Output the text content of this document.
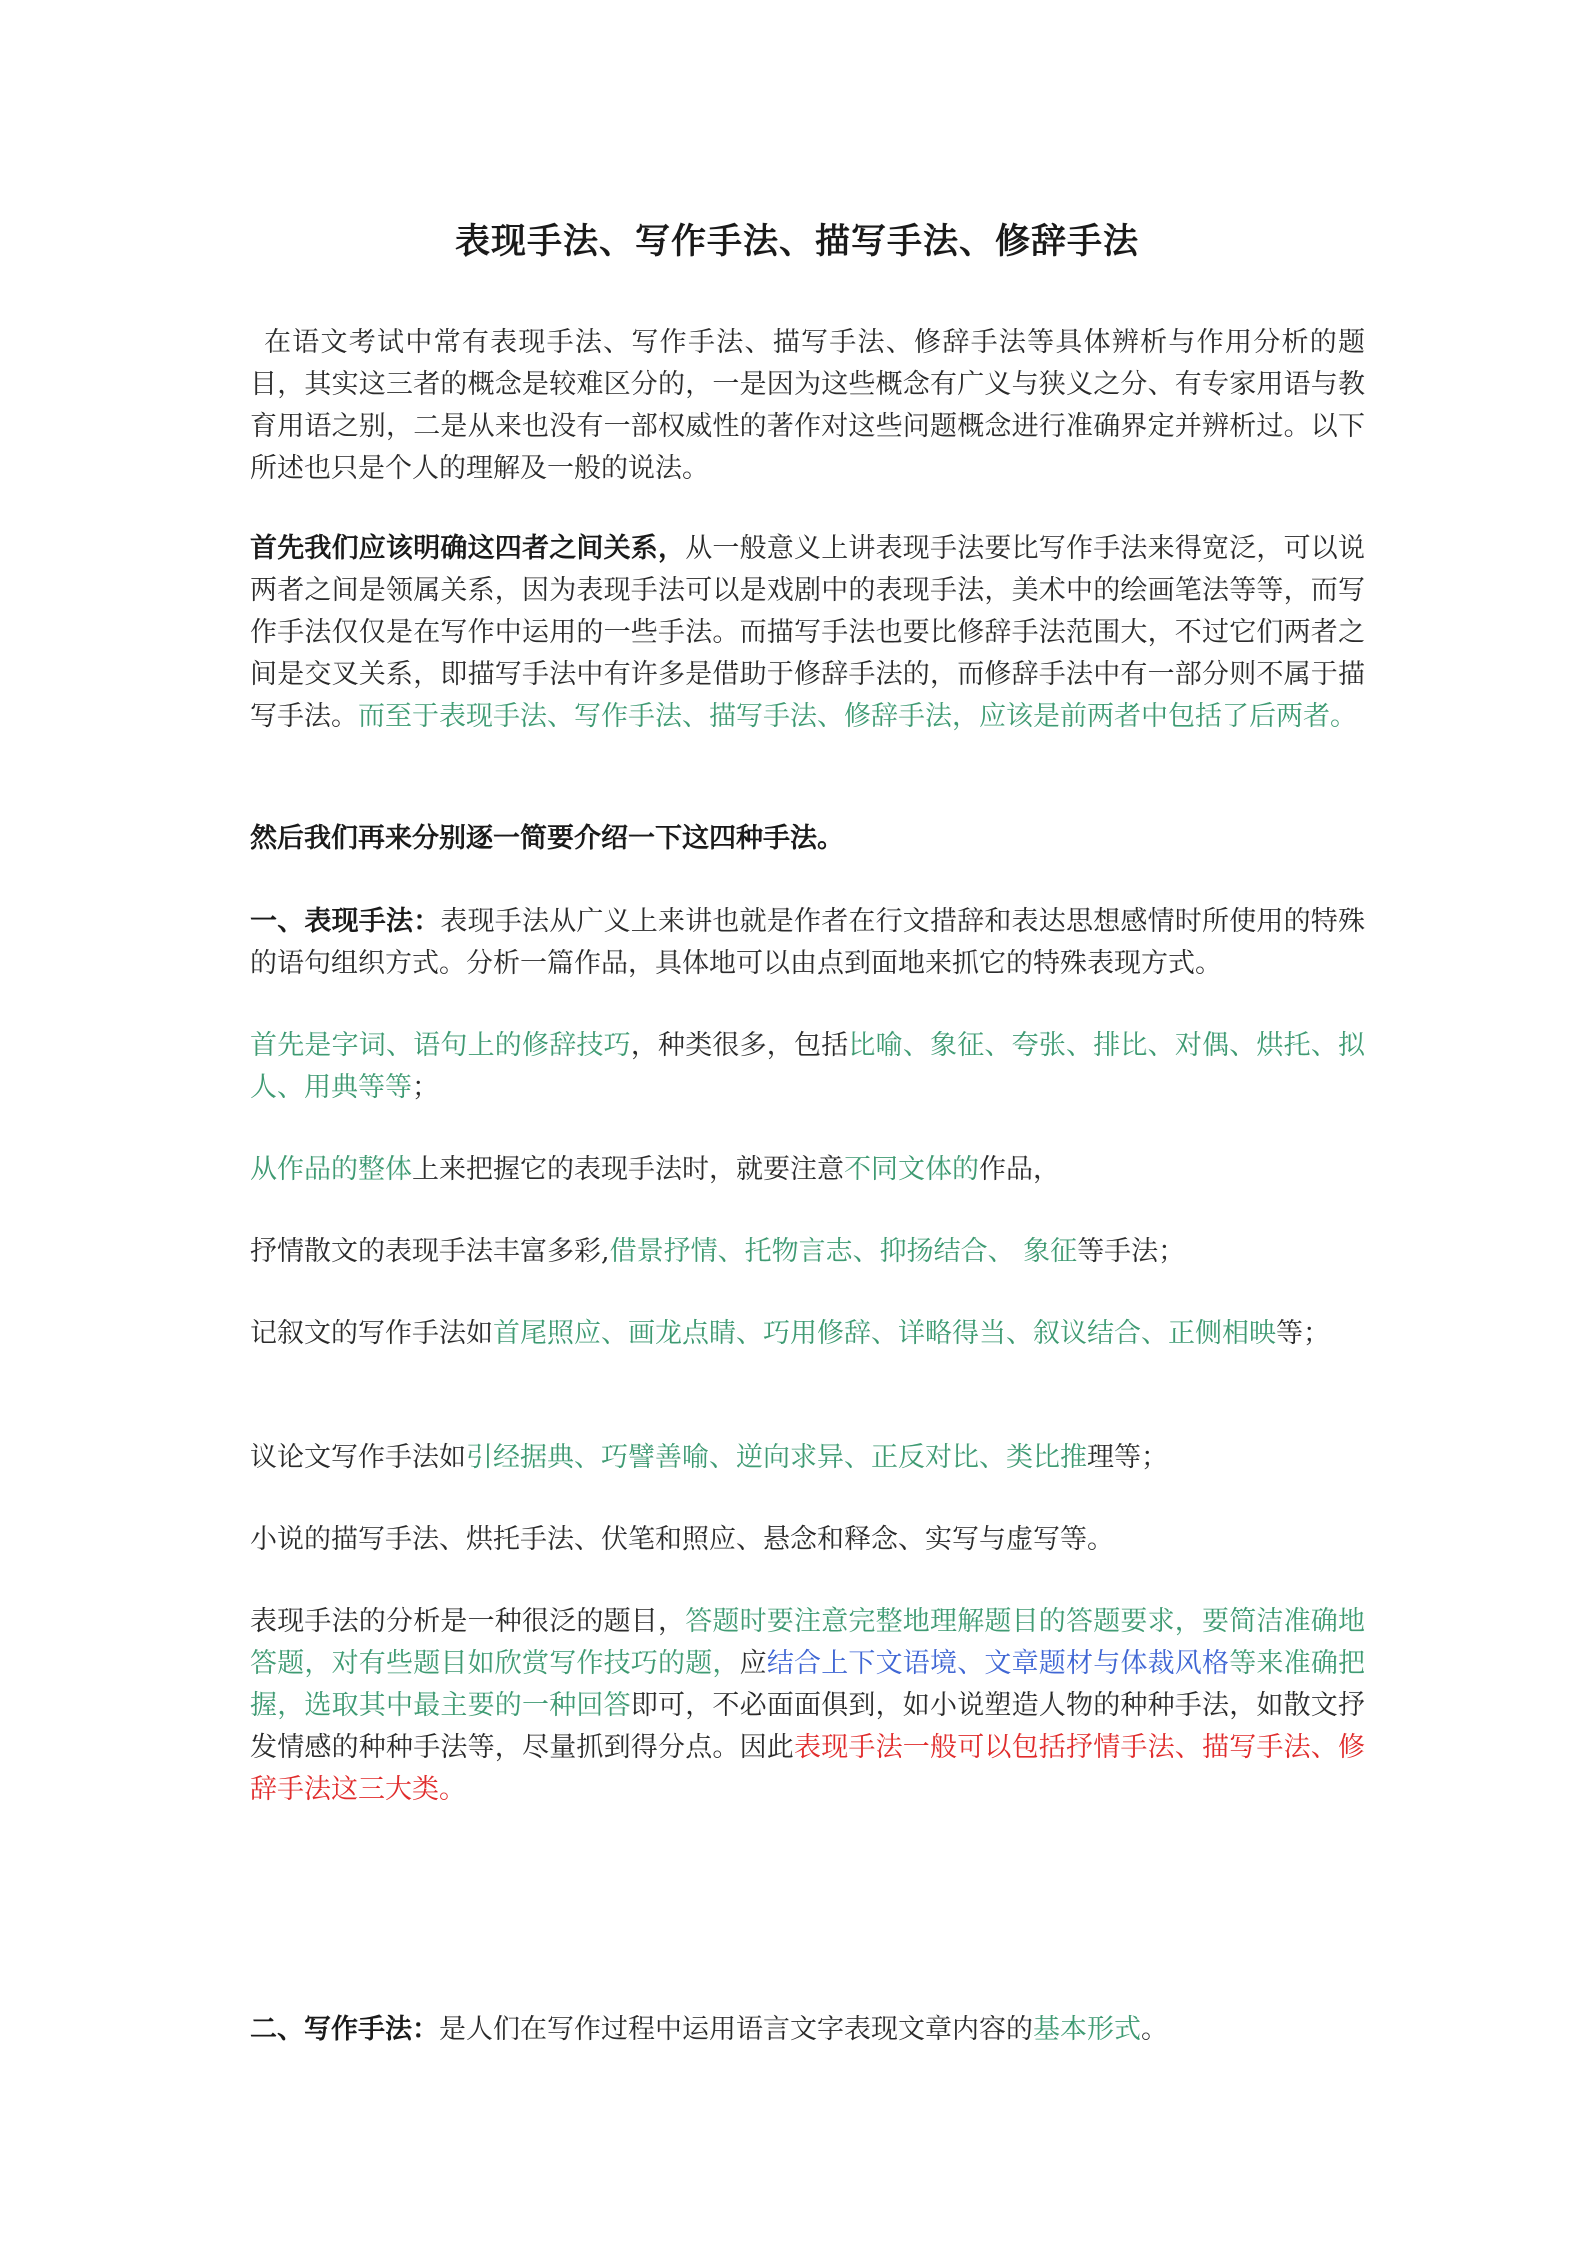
表现手法、写作手法、描写手法、修辞手法

在语文考试中常有表现手法、写作手法、描写手法、修辞手法等具体辨析与作用分析的题目，其实这三者的概念是较难区分的，一是因为这些概念有广义与狭义之分、有专家用语与教育用语之别，二是从来也没有一部权威性的著作对这些问题概念进行准确界定并辨析过。以下所述也只是个人的理解及一般的说法。

首先我们应该明确这四者之间关系，从一般意义上讲表现手法要比写作手法来得宽泛，可以说两者之间是领属关系，因为表现手法可以是戏剧中的表现手法，美术中的绘画笔法等等，而写作手法仅仅是在写作中运用的一些手法。而描写手法也要比修辞手法范围大，不过它们两者之间是交叉关系，即描写手法中有许多是借助于修辞手法的，而修辞手法中有一部分则不属于描写手法。而至于表现手法、写作手法、描写手法、修辞手法，应该是前两者中包括了后两者。

然后我们再来分别逐一简要介绍一下这四种手法。

一、表现手法：表现手法从广义上来讲也就是作者在行文措辞和表达思想感情时所使用的特殊的语句组织方式。分析一篇作品，具体地可以由点到面地来抓它的特殊表现方式。

首先是字词、语句上的修辞技巧，种类很多，包括比喻、象征、夸张、排比、对偶、烘托、拟人、用典等等；

从作品的整体上来把握它的表现手法时，就要注意不同文体的作品，

抒情散文的表现手法丰富多彩,借景抒情、托物言志、抑扬结合、 象征等手法；

记叙文的写作手法如首尾照应、画龙点睛、巧用修辞、详略得当、叙议结合、正侧相映等；

议论文写作手法如引经据典、巧譬善喻、逆向求异、正反对比、类比推理等；

小说的描写手法、烘托手法、伏笔和照应、悬念和释念、实写与虚写等。

表现手法的分析是一种很泛的题目，答题时要注意完整地理解题目的答题要求，要简洁准确地答题，对有些题目如欣赏写作技巧的题，应结合上下文语境、文章题材与体裁风格等来准确把握，选取其中最主要的一种回答即可，不必面面俱到，如小说塑造人物的种种手法，如散文抒发情感的种种手法等，尽量抓到得分点。因此表现手法一般可以包括抒情手法、描写手法、修辞手法这三大类。

二、写作手法：是人们在写作过程中运用语言文字表现文章内容的基本形式。
